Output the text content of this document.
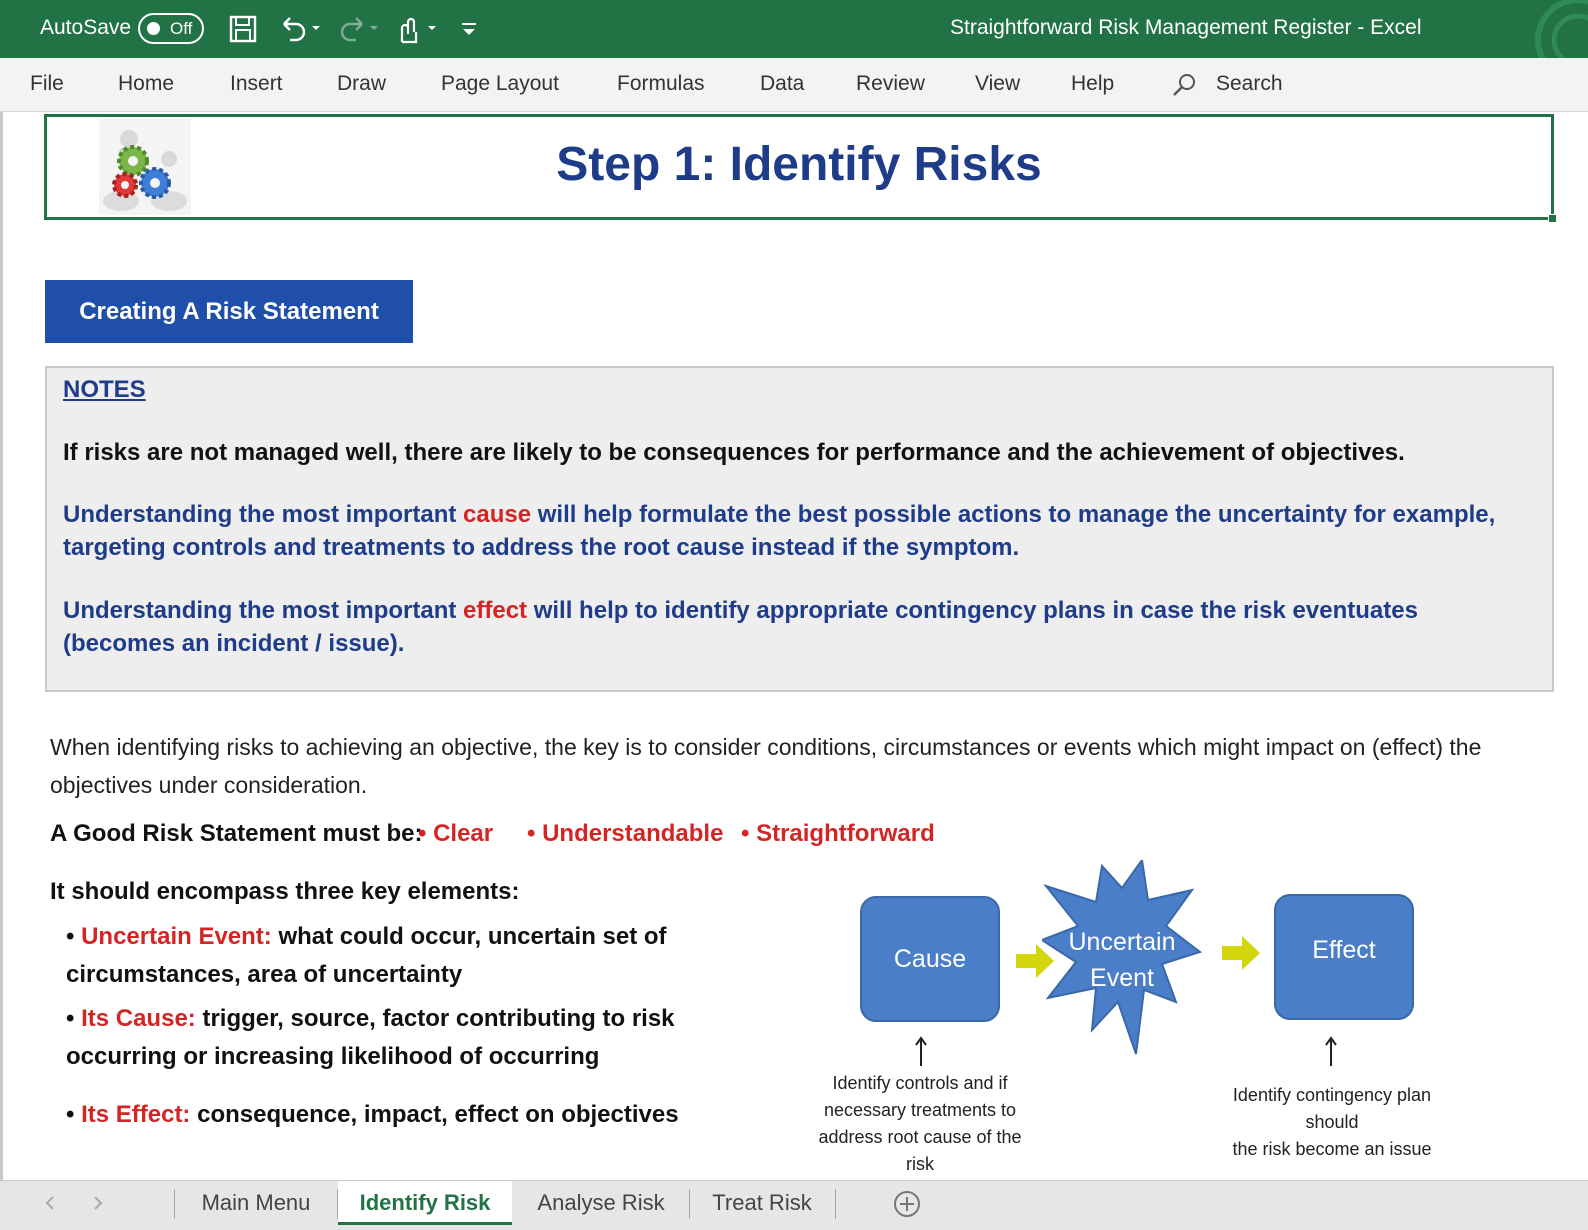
AutoSave Off	Straightforward Risk Management Register - Excel
File	Home	Insert	Draw	Page Layout	Formulas	Data Review View Help	Search
Step 1: Identify Risks
Creating A Risk Statement
NOTES

If risks are not managed well, there are likely to be consequences for performance and the achievement of objectives.

Understanding the most important cause will help formulate the best possible actions to manage the uncertainty for example, targeting controls and treatments to address the root cause instead if the symptom.

Understanding the most important effect will help to identify appropriate contingency plans in case the risk eventuates (becomes an incident / issue).

When identifying risks to achieving an objective, the key is to consider conditions, circumstances or events which might impact on (effect) the objectives under consideration.
A Good Risk Statement must be:
• Clear • Understandable • Straightforward
It should encompass three key elements:
• Uncertain Event: what could occur, uncertain set of circumstances, area of uncertainty
• Its Cause: trigger, source, factor contributing to risk occurring or increasing likelihood of occurring
• Its Effect: consequence, impact, effect on objectives
Cause
Uncertain
Event
Effect
Identify controls and if
necessary treatments to
address root cause of the risk
Identify contingency plan should
the risk become an issue
Main Menu	Identify Risk	Analyse Risk	Treat Risk
